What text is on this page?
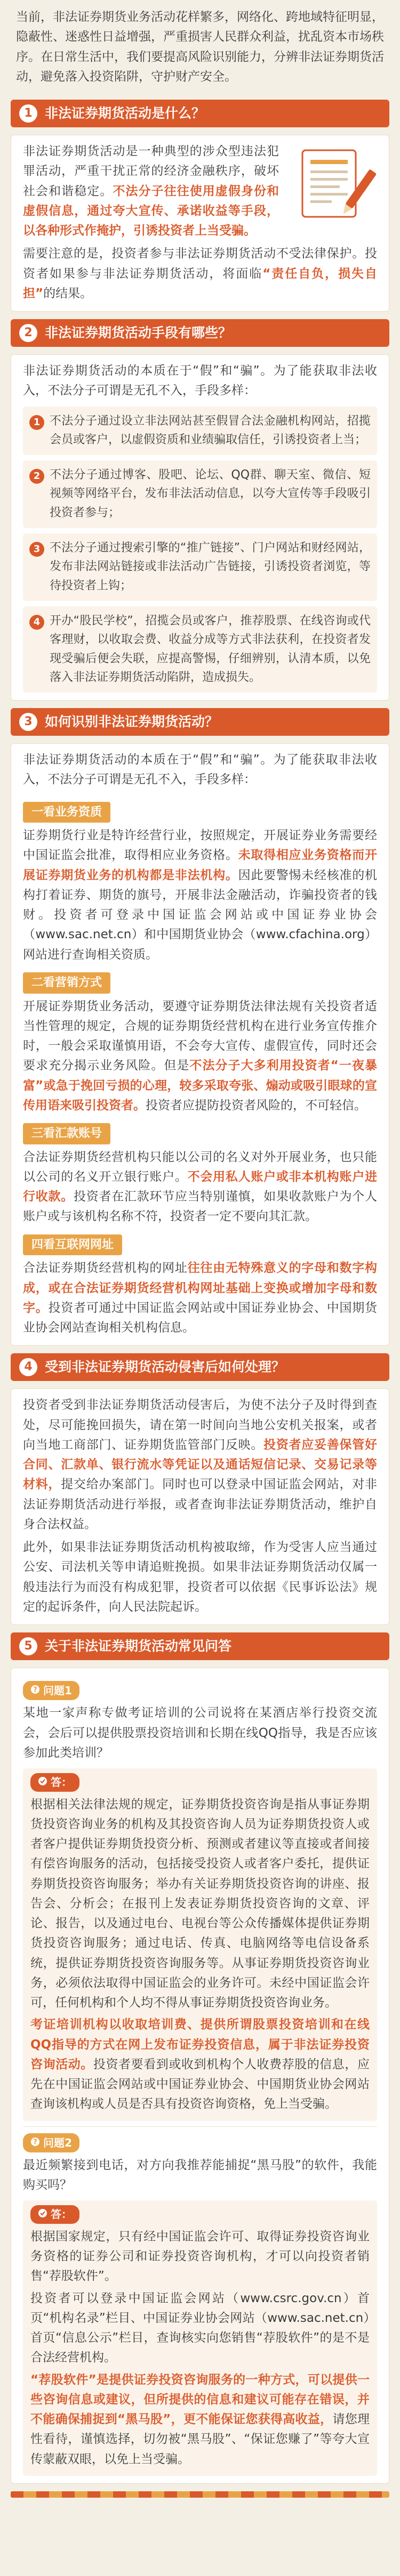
当前，非法证券期货业务活动花样繁多，网络化、跨地域特征明显，隐蔽性、迷惑性日益增强，严重损害人民群众利益，扰乱资本市场秩序。在日常生活中，我们要提高风险识别能力，分辨非法证券期货活动，避免落入投资陷阱，守护财产安全。
1 非法证券期货活动是什么？
非法证券期货活动是一种典型的涉众型违法犯罪活动，严重干扰正常的经济金融秩序，破坏社会和谐稳定。不法分子往往使用虚假身份和虚假信息，通过夸大宣传、承诺收益等手段，以各种形式作掩护，引诱投资者上当受骗。
需要注意的是，投资者参与非法证券期货活动不受法律保护。投资者如果参与非法证券期货活动，将面临“责任自负，损失自担”的结果。
2 非法证券期货活动手段有哪些？
非法证券期货活动的本质在于“假”和“骗”。为了能获取非法收入，不法分子可谓是无孔不入，手段多样：
1 不法分子通过设立非法网站甚至假冒合法金融机构网站，招揽会员或客户，以虚假资质和业绩骗取信任，引诱投资者上当；
2 不法分子通过博客、股吧、论坛、QQ群、聊天室、微信、短视频等网络平台，发布非法活动信息，以夸大宣传等手段吸引投资者参与；
3 不法分子通过搜索引擎的“推广链接”、门户网站和财经网站，发布非法网站链接或非法活动广告链接，引诱投资者浏览，等待投资者上钩；
4 开办“股民学校”，招揽会员或客户，推荐股票、在线咨询或代客理财，以收取会费、收益分成等方式非法获利，在投资者发现受骗后便会失联，应提高警惕，仔细辨别，认清本质，以免落入非法证券期货活动陷阱，造成损失。
3 如何识别非法证券期货活动？
非法证券期货活动的本质在于“假”和“骗”。为了能获取非法收入，不法分子可谓是无孔不入，手段多样：
一看业务资质
证券期货行业是特许经营行业，按照规定，开展证券业务需要经中国证监会批准，取得相应业务资格。未取得相应业务资格而开展证券期货业务的机构都是非法机构。因此要警惕未经核准的机构打着证券、期货的旗号，开展非法金融活动，诈骗投资者的钱财。投资者可登录中国证监会网站或中国证券业协会（www.sac.net.cn）和中国期货业协会（www.cfachina.org）网站进行查询相关资质。
二看营销方式
开展证券期货业务活动，要遵守证券期货法律法规有关投资者适当性管理的规定，合规的证券期货经营机构在进行业务宣传推介时，一般会采取谨慎用语，不会夸大宣传、虚假宣传，同时还会要求充分揭示业务风险。但是不法分子大多利用投资者“一夜暴富”或急于挽回亏损的心理，较多采取夸张、煽动或吸引眼球的宣传用语来吸引投资者。投资者应提防投资者风险的，不可轻信。
三看汇款账号
合法证券期货经营机构只能以公司的名义对外开展业务，也只能以公司的名义开立银行账户。不会用私人账户或非本机构账户进行收款。投资者在汇款环节应当特别谨慎，如果收款账户为个人账户或与该机构名称不符，投资者一定不要向其汇款。
四看互联网网址
合法证券期货经营机构的网址往往由无特殊意义的字母和数字构成，或在合法证券期货经营机构网址基础上变换或增加字母和数字。投资者可通过中国证监会网站或中国证券业协会、中国期货业协会网站查询相关机构信息。
4 受到非法证券期货活动侵害后如何处理？
投资者受到非法证券期货活动侵害后，为使不法分子及时得到查处，尽可能挽回损失，请在第一时间向当地公安机关报案，或者向当地工商部门、证券期货监管部门反映。投资者应妥善保管好合同、汇款单、银行流水等凭证以及通话短信记录、交易记录等材料，提交给办案部门。同时也可以登录中国证监会网站，对非法证券期货活动进行举报，或者查询非法证券期货活动，维护自身合法权益。
此外，如果非法证券期货活动机构被取缔，作为受害人应当通过公安、司法机关等申请追赃挽损。如果非法证券期货活动仅属一般违法行为而没有构成犯罪，投资者可以依据《民事诉讼法》规定的起诉条件，向人民法院起诉。
5 关于非法证券期货活动常见问答
? 问题1
某地一家声称专做考证培训的公司说将在某酒店举行投资交流会，会后可以提供股票投资培训和长期在线QQ指导，我是否应该参加此类培训？
答：

根据相关法律法规的规定，证券期货投资咨询是指从事证券期货投资咨询业务的机构及其投资咨询人员为证券期货投资人或者客户提供证券期货投资分析、预测或者建议等直接或者间接有偿咨询服务的活动，包括接受投资人或者客户委托，提供证券期货投资咨询服务；举办有关证券期货投资咨询的讲座、报告会、分析会；在报刊上发表证券期货投资咨询的文章、评论、报告，以及通过电台、电视台等公众传播媒体提供证券期货投资咨询服务；通过电话、传真、电脑网络等电信设备系统，提供证券期货投资咨询服务等。从事证券期货投资咨询业务，必须依法取得中国证监会的业务许可。未经中国证监会许可，任何机构和个人均不得从事证券期货投资咨询业务。

考证培训机构以收取培训费、提供所谓股票投资培训和在线QQ指导的方式在网上发布证券投资信息，属于非法证券投资咨询活动。投资者要看到或收到机构个人收费荐股的信息，应先在中国证监会网站或中国证券业协会、中国期货业协会网站查询该机构或人员是否具有投资咨询资格，免上当受骗。

? 问题2
最近频繁接到电话，对方向我推荐能捕捉“黑马股”的软件，我能购买吗？
答：

根据国家规定，只有经中国证监会许可、取得证券投资咨询业务资格的证券公司和证券投资咨询机构，才可以向投资者销售“荐股软件”。

投资者可以登录中国证监会网站（www.csrc.gov.cn）首页“机构名录”栏目、中国证券业协会网站（www.sac.net.cn）首页“信息公示”栏目，查询核实向您销售“荐股软件”的是不是合法经营机构。

“荐股软件”是提供证券投资咨询服务的一种方式，可以提供一些咨询信息或建议，但所提供的信息和建议可能存在错误，并不能确保捕捉到“黑马股”，更不能保证您获得高收益，请您理性看待，谨慎选择，切勿被“黑马股”、“保证您赚了”等夸大宣传蒙蔽双眼，以免上当受骗。
